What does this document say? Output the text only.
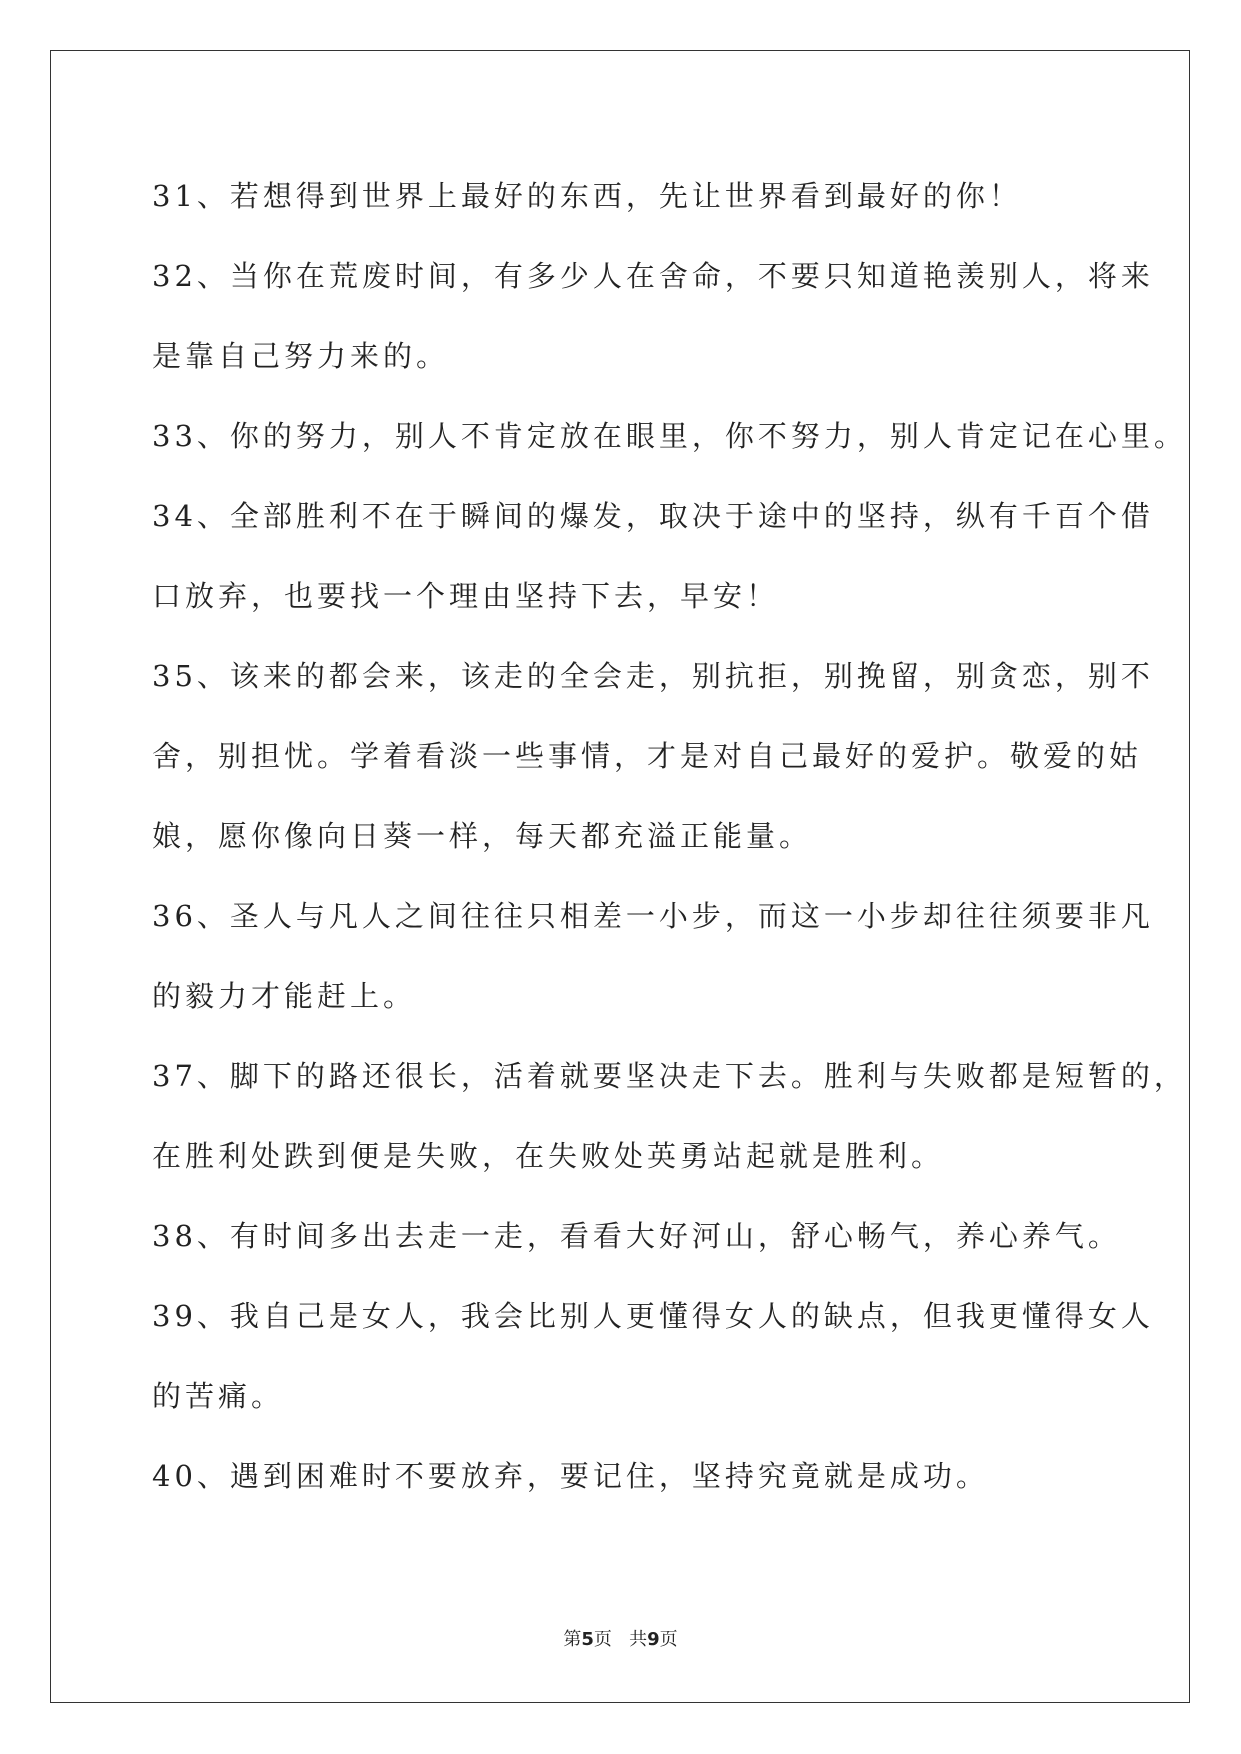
31、若想得到世界上最好的东西，先让世界看到最好的你！
32、当你在荒废时间，有多少人在舍命，不要只知道艳羡别人，将来
是靠自己努力来的。
33、你的努力，别人不肯定放在眼里，你不努力，别人肯定记在心里。
34、全部胜利不在于瞬间的爆发，取决于途中的坚持，纵有千百个借
口放弃，也要找一个理由坚持下去，早安！
35、该来的都会来，该走的全会走，别抗拒，别挽留，别贪恋，别不
舍，别担忧。学着看淡一些事情，才是对自己最好的爱护。敬爱的姑
娘，愿你像向日葵一样，每天都充溢正能量。
36、圣人与凡人之间往往只相差一小步，而这一小步却往往须要非凡
的毅力才能赶上。
37、脚下的路还很长，活着就要坚决走下去。胜利与失败都是短暂的，
在胜利处跌到便是失败，在失败处英勇站起就是胜利。
38、有时间多出去走一走，看看大好河山，舒心畅气，养心养气。
39、我自己是女人，我会比别人更懂得女人的缺点，但我更懂得女人
的苦痛。
40、遇到困难时不要放弃，要记住，坚持究竟就是成功。
第5页 共9页
